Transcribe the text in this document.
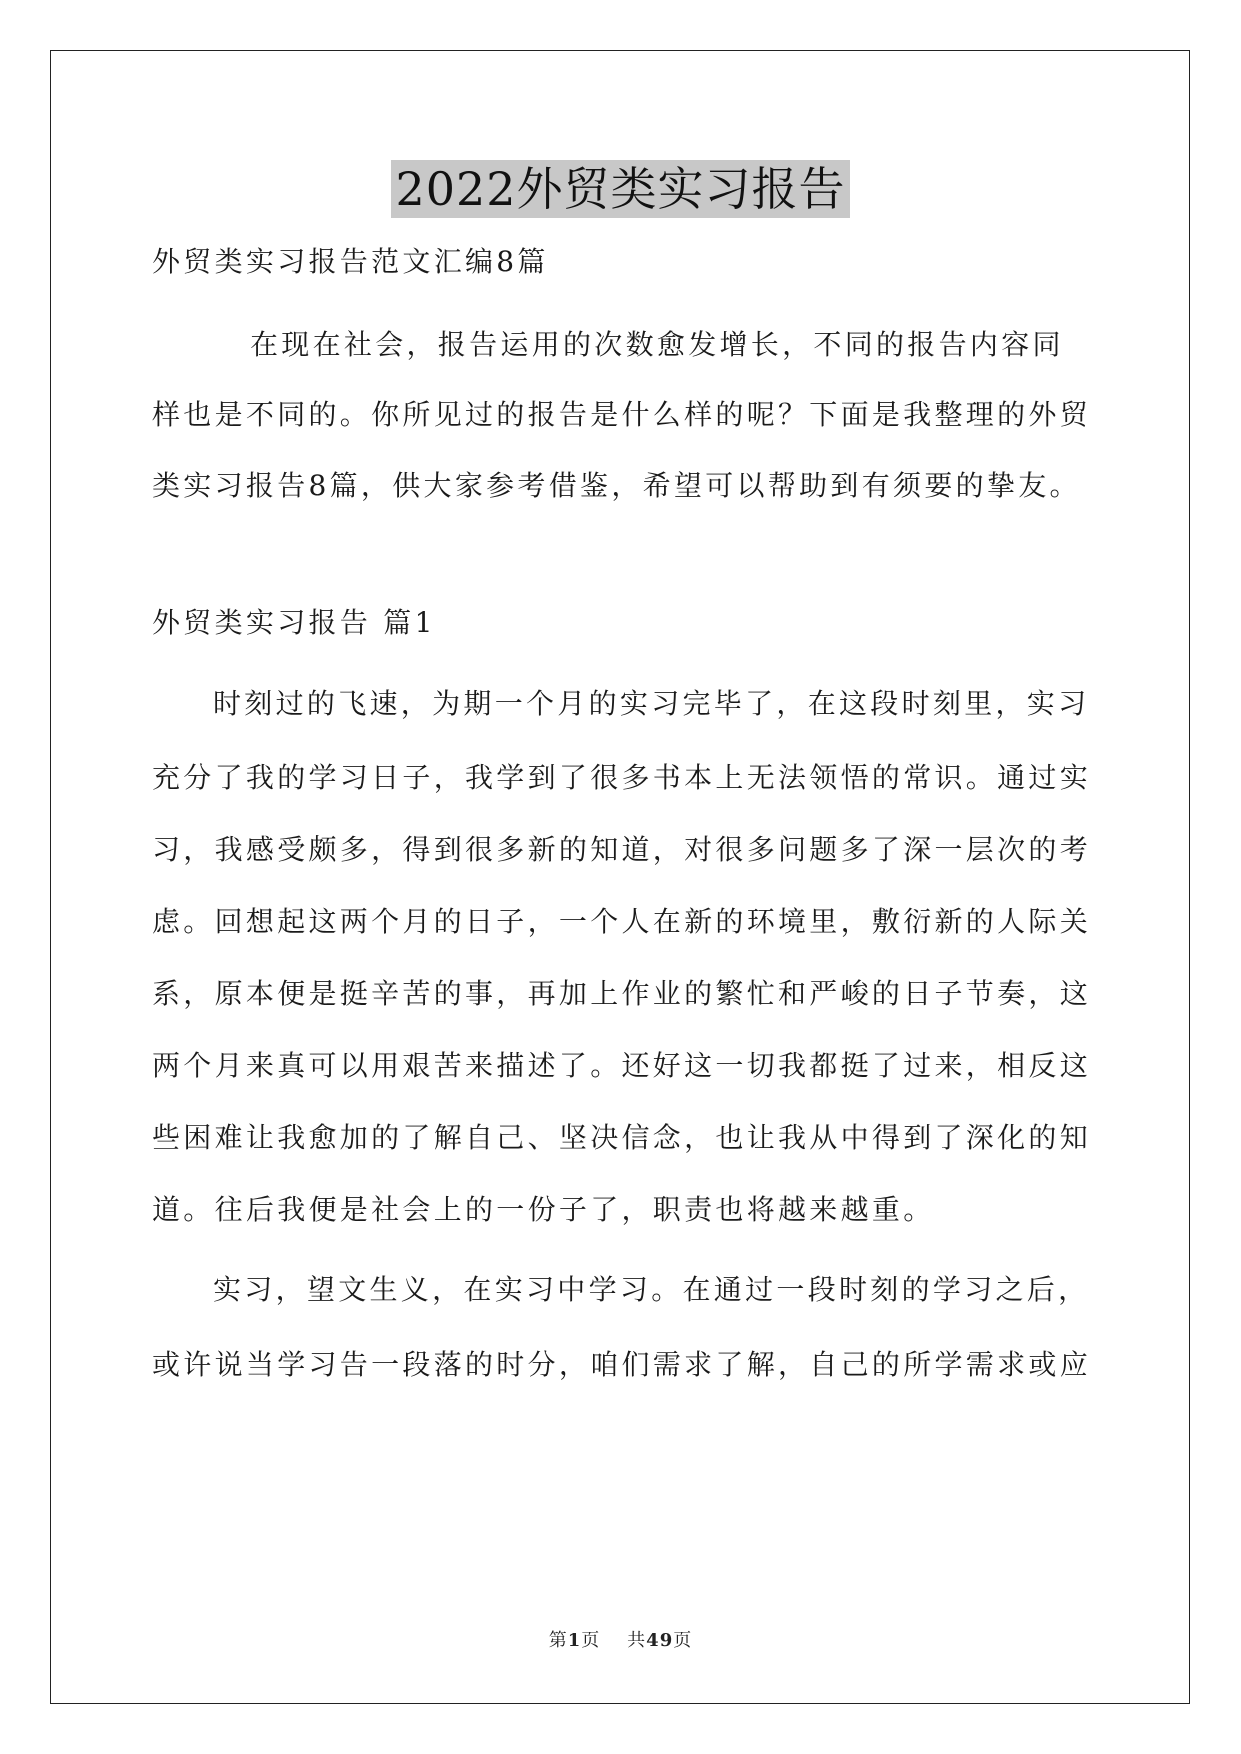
2022外贸类实习报告
外贸类实习报告范文汇编8篇
在现在社会，报告运用的次数愈发增长，不同的报告内容同
样也是不同的。你所见过的报告是什么样的呢？下面是我整理的外贸
类实习报告8篇，供大家参考借鉴，希望可以帮助到有须要的挚友。
外贸类实习报告 篇1
时刻过的飞速，为期一个月的实习完毕了，在这段时刻里，实习
充分了我的学习日子，我学到了很多书本上无法领悟的常识。通过实
习，我感受颇多，得到很多新的知道，对很多问题多了深一层次的考
虑。回想起这两个月的日子，一个人在新的环境里，敷衍新的人际关
系，原本便是挺辛苦的事，再加上作业的繁忙和严峻的日子节奏，这
两个月来真可以用艰苦来描述了。还好这一切我都挺了过来，相反这
些困难让我愈加的了解自己、坚决信念，也让我从中得到了深化的知
道。往后我便是社会上的一份子了，职责也将越来越重。
实习，望文生义，在实习中学习。在通过一段时刻的学习之后，
或许说当学习告一段落的时分，咱们需求了解，自己的所学需求或应
第1页 共49页
